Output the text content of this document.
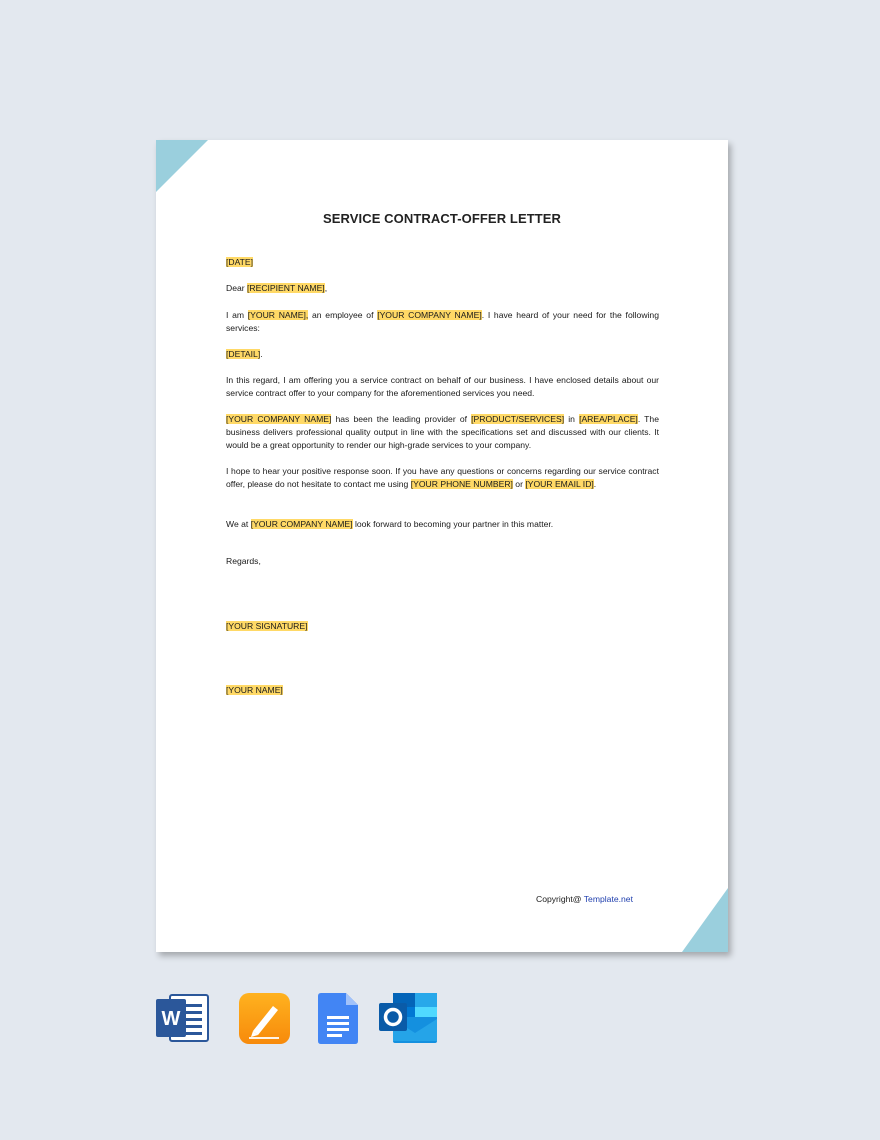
SERVICE CONTRACT-OFFER LETTER
[DATE]
Dear [RECIPIENT NAME],
I am [YOUR NAME], an employee of [YOUR COMPANY NAME]. I have heard of your need for the following services:
[DETAIL].
In this regard, I am offering you a service contract on behalf of our business. I have enclosed details about our service contract offer to your company for the aforementioned services you need.
[YOUR COMPANY NAME] has been the leading provider of [PRODUCT/SERVICES] in [AREA/PLACE]. The business delivers professional quality output in line with the specifications set and discussed with our clients. It would be a great opportunity to render our high-grade services to your company.
I hope to hear your positive response soon. If you have any questions or concerns regarding our service contract offer, please do not hesitate to contact me using [YOUR PHONE NUMBER] or [YOUR EMAIL ID].
We at [YOUR COMPANY NAME] look forward to becoming your partner in this matter.
Regards,
[YOUR SIGNATURE]
[YOUR NAME]
Copyright@ Template.net
W
